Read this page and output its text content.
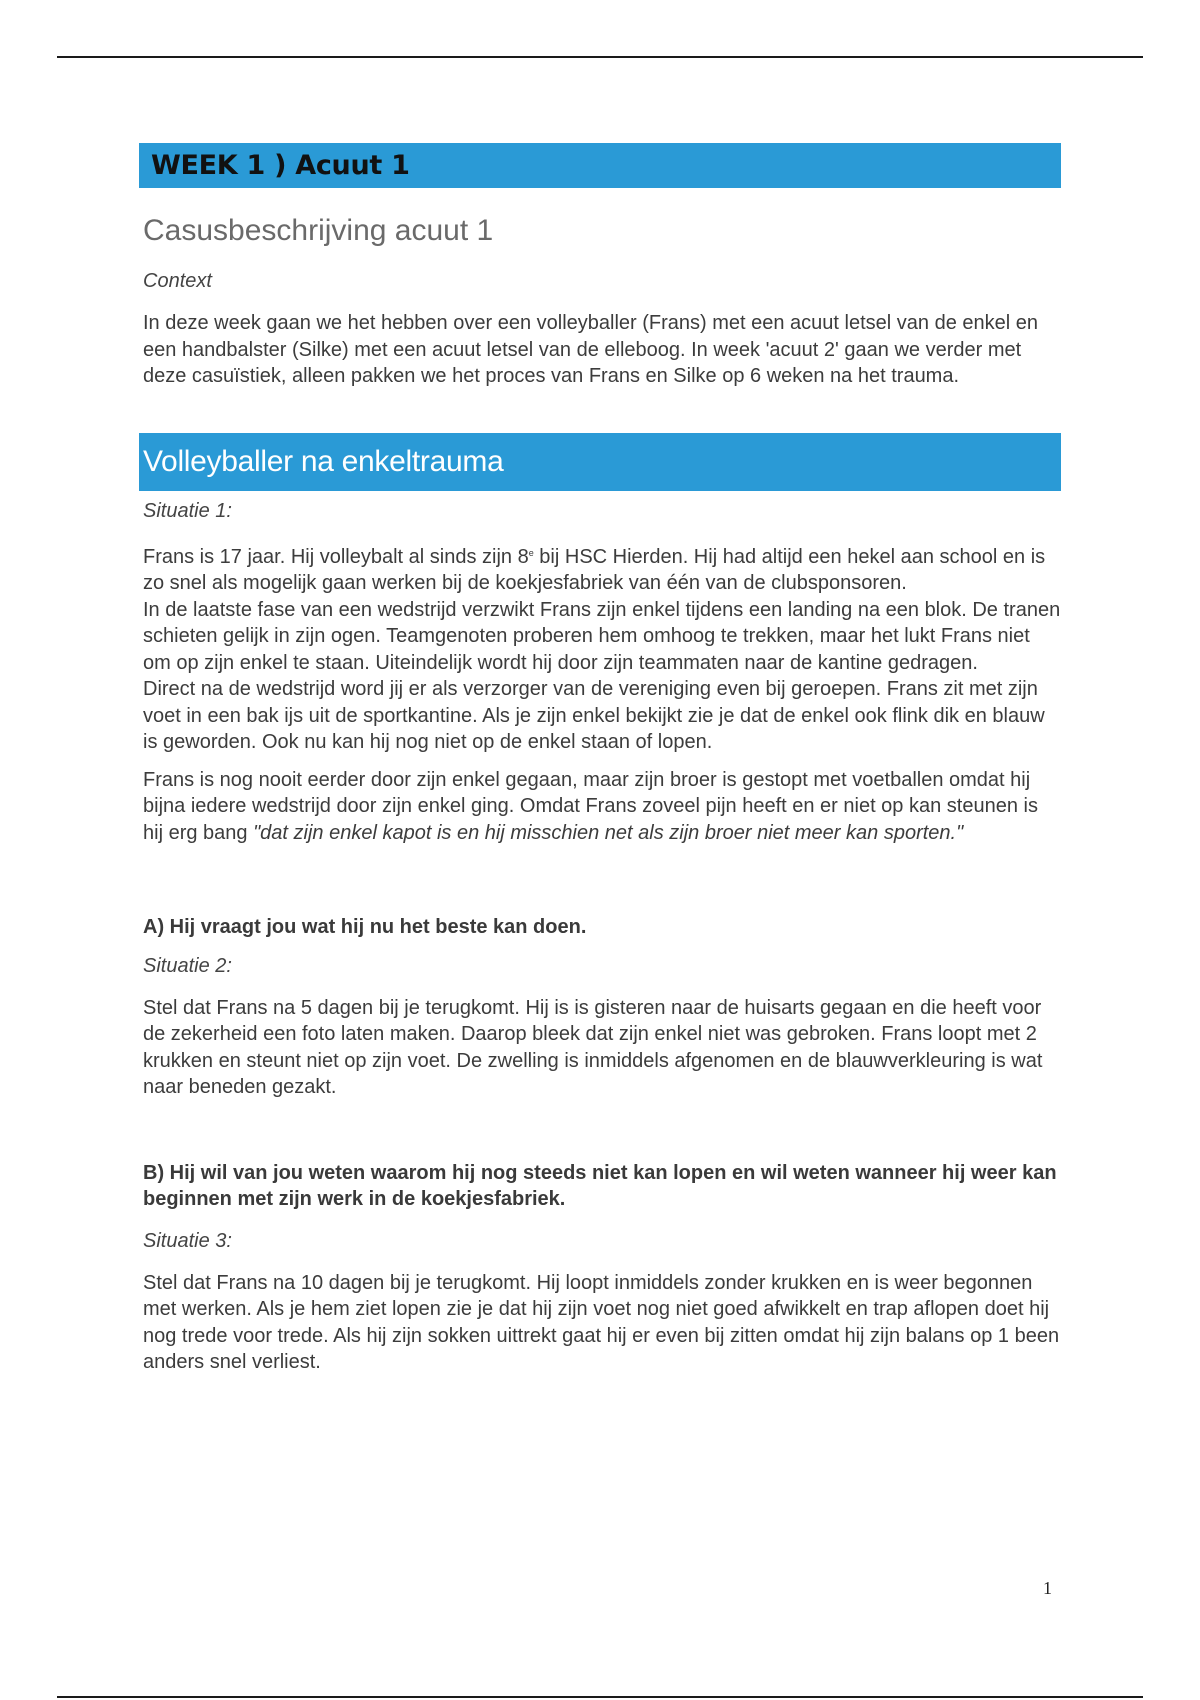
WEEK 1 ) Acuut 1
Casusbeschrijving acuut 1
Context

In deze week gaan we het hebben over een volleyballer (Frans) met een acuut letsel van de enkel en een handbalster (Silke) met een acuut letsel van de elleboog. In week 'acuut 2' gaan we verder met deze casuïstiek, alleen pakken we het proces van Frans en Silke op 6 weken na het trauma.

Volleyballer na enkeltrauma
Situatie 1:

Frans is 17 jaar. Hij volleybalt al sinds zijn 8e bij HSC Hierden. Hij had altijd een hekel aan school en is zo snel als mogelijk gaan werken bij de koekjesfabriek van één van de clubsponsoren.

In de laatste fase van een wedstrijd verzwikt Frans zijn enkel tijdens een landing na een blok. De tranen schieten gelijk in zijn ogen. Teamgenoten proberen hem omhoog te trekken, maar het lukt Frans niet om op zijn enkel te staan. Uiteindelijk wordt hij door zijn teammaten naar de kantine gedragen.

Direct na de wedstrijd word jij er als verzorger van de vereniging even bij geroepen. Frans zit met zijn voet in een bak ijs uit de sportkantine. Als je zijn enkel bekijkt zie je dat de enkel ook flink dik en blauw is geworden. Ook nu kan hij nog niet op de enkel staan of lopen.

Frans is nog nooit eerder door zijn enkel gegaan, maar zijn broer is gestopt met voetballen omdat hij bijna iedere wedstrijd door zijn enkel ging. Omdat Frans zoveel pijn heeft en er niet op kan steunen is hij erg bang "dat zijn enkel kapot is en hij misschien net als zijn broer niet meer kan sporten."

A) Hij vraagt jou wat hij nu het beste kan doen.

Situatie 2:

Stel dat Frans na 5 dagen bij je terugkomt. Hij is is gisteren naar de huisarts gegaan en die heeft voor de zekerheid een foto laten maken. Daarop bleek dat zijn enkel niet was gebroken. Frans loopt met 2 krukken en steunt niet op zijn voet. De zwelling is inmiddels afgenomen en de blauwverkleuring is wat naar beneden gezakt.

B) Hij wil van jou weten waarom hij nog steeds niet kan lopen en wil weten wanneer hij weer kan beginnen met zijn werk in de koekjesfabriek.

Situatie 3:

Stel dat Frans na 10 dagen bij je terugkomt. Hij loopt inmiddels zonder krukken en is weer begonnen met werken. Als je hem ziet lopen zie je dat hij zijn voet nog niet goed afwikkelt en trap aflopen doet hij nog trede voor trede. Als hij zijn sokken uittrekt gaat hij er even bij zitten omdat hij zijn balans op 1 been anders snel verliest.

1
